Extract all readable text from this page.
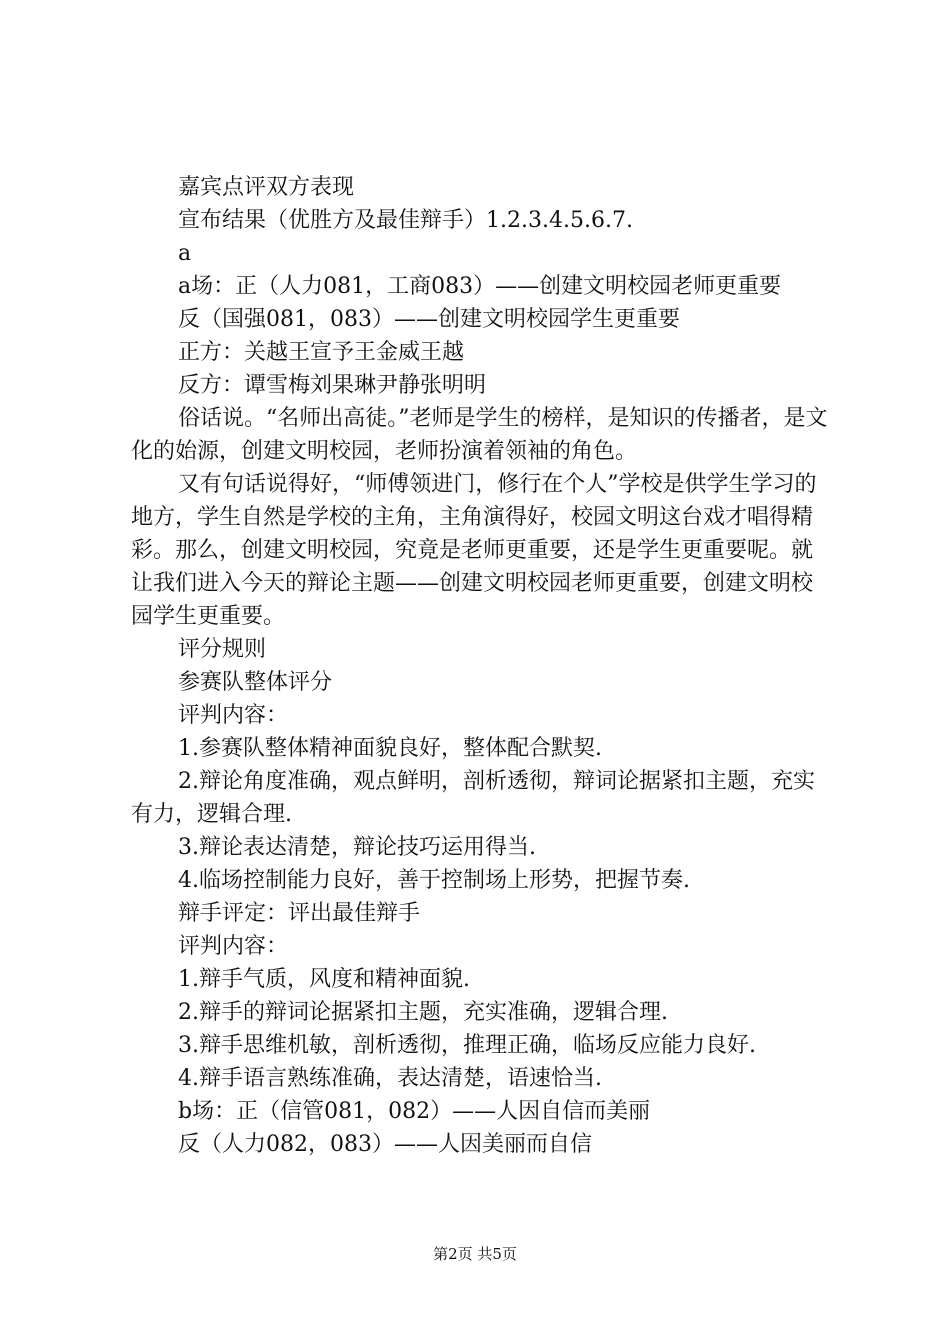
嘉宾点评双方表现

宣布结果（优胜方及最佳辩手）1.2.3.4.5.6.7.

a

a场：正（人力081，工商083）——创建文明校园老师更重要

反（国强081，083）——创建文明校园学生更重要

正方：关越王宣予王金威王越

反方：谭雪梅刘果琳尹静张明明

俗话说。“名师出高徒。”老师是学生的榜样，是知识的传播者，是文化的始源，创建文明校园，老师扮演着领袖的角色。

又有句话说得好，“师傅领进门，修行在个人”学校是供学生学习的地方，学生自然是学校的主角，主角演得好，校园文明这台戏才唱得精彩。那么，创建文明校园，究竟是老师更重要，还是学生更重要呢。就让我们进入今天的辩论主题——创建文明校园老师更重要，创建文明校园学生更重要。

评分规则

参赛队整体评分

评判内容：

1.参赛队整体精神面貌良好，整体配合默契.

2.辩论角度准确，观点鲜明，剖析透彻，辩词论据紧扣主题，充实有力，逻辑合理.

3.辩论表达清楚，辩论技巧运用得当.

4.临场控制能力良好，善于控制场上形势，把握节奏.

辩手评定：评出最佳辩手

评判内容：

1.辩手气质，风度和精神面貌.

2.辩手的辩词论据紧扣主题，充实准确，逻辑合理.

3.辩手思维机敏，剖析透彻，推理正确，临场反应能力良好.

4.辩手语言熟练准确，表达清楚，语速恰当.

b场：正（信管081，082）——人因自信而美丽

反（人力082，083）——人因美丽而自信

第2页 共5页
